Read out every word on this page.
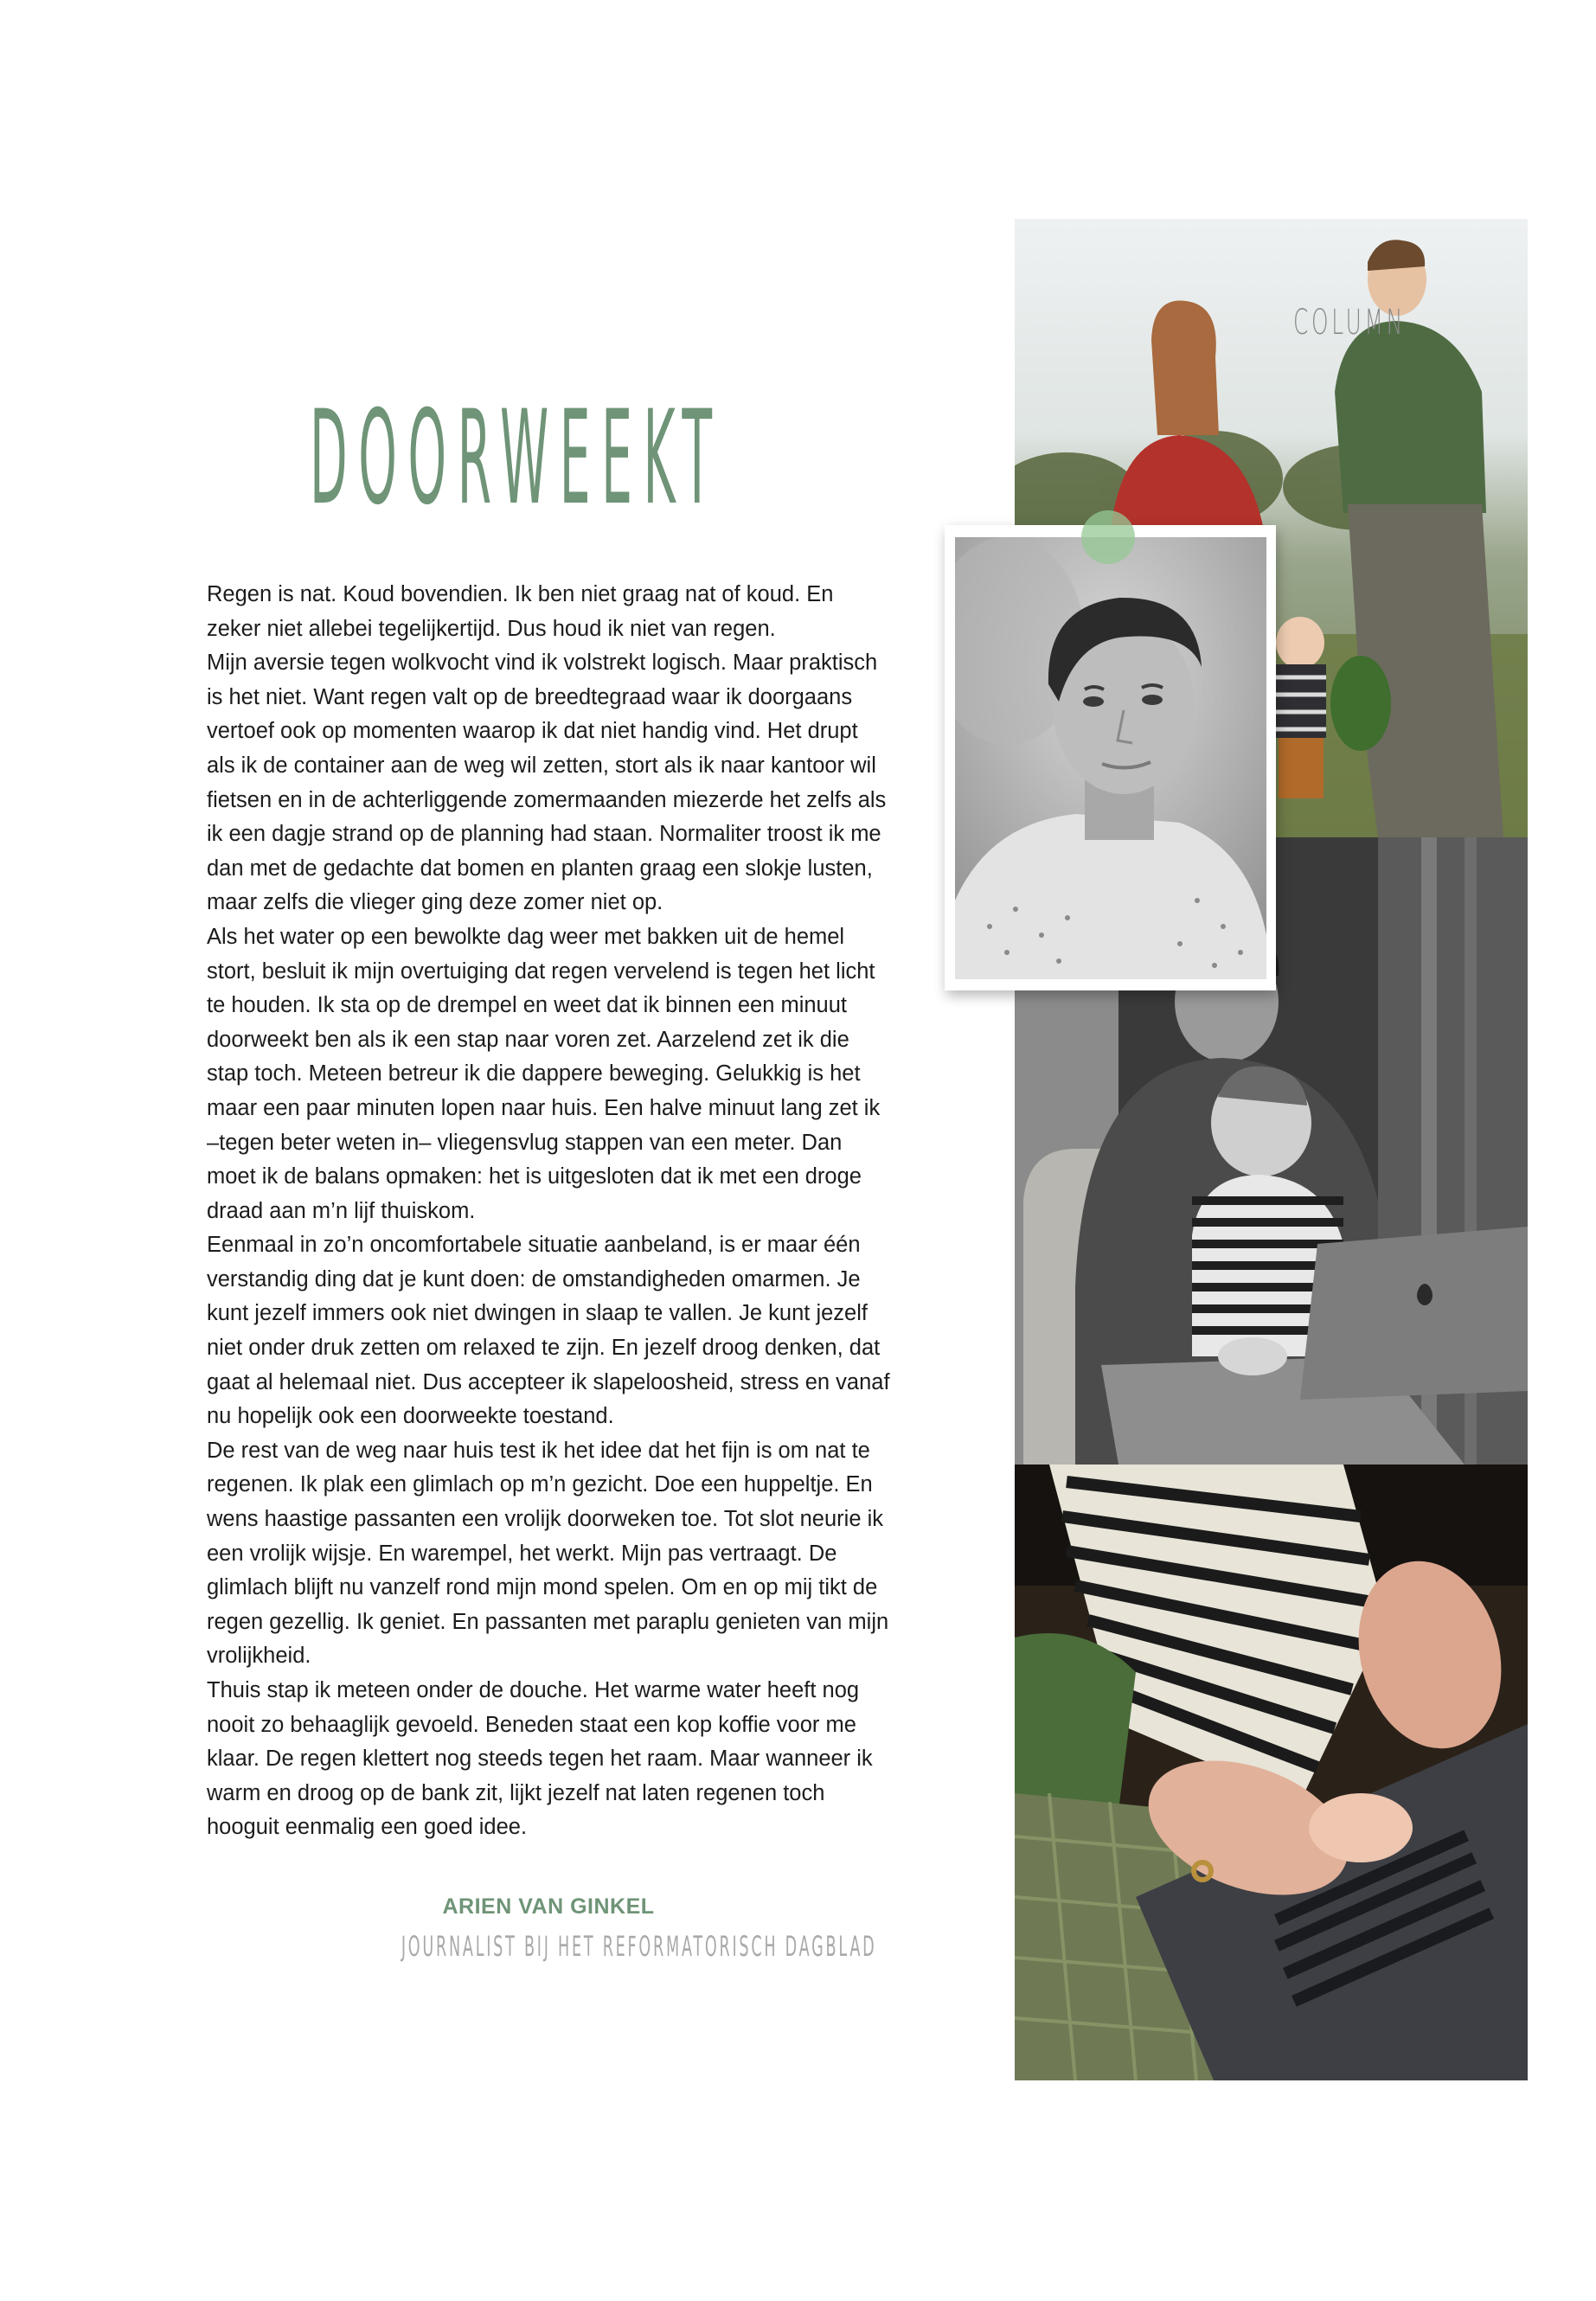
COLUMN
DOORWEEKT

Regen is nat. Koud bovendien. Ik ben niet graag nat of koud. En zeker niet allebei tegelijkertijd. Dus houd ik niet van regen.

Mijn aversie tegen wolkvocht vind ik volstrekt logisch. Maar praktisch is het niet. Want regen valt op de breedtegraad waar ik doorgaans vertoef ook op momenten waarop ik dat niet handig vind. Het drupt als ik de container aan de weg wil zetten, stort als ik naar kantoor wil fietsen en in de achterliggende zomermaanden miezerde het zelfs als ik een dagje strand op de planning had staan. Normaliter troost ik me dan met de gedachte dat bomen en planten graag een slokje lusten, maar zelfs die vlieger ging deze zomer niet op.

Als het water op een bewolkte dag weer met bakken uit de hemel stort, besluit ik mijn overtuiging dat regen vervelend is tegen het licht te houden. Ik sta op de drempel en weet dat ik binnen een minuut doorweekt ben als ik een stap naar voren zet. Aarzelend zet ik die stap toch. Meteen betreur ik die dappere beweging. Gelukkig is het maar een paar minuten lopen naar huis. Een halve minuut lang zet ik –tegen beter weten in– vliegensvlug stappen van een meter. Dan moet ik de balans opmaken: het is uitgesloten dat ik met een droge draad aan m’n lijf thuiskom.

Eenmaal in zo’n oncomfortabele situatie aanbeland, is er maar één verstandig ding dat je kunt doen: de omstandigheden omarmen. Je kunt jezelf immers ook niet dwingen in slaap te vallen. Je kunt jezelf niet onder druk zetten om relaxed te zijn. En jezelf droog denken, dat gaat al helemaal niet. Dus accepteer ik slapeloosheid, stress en vanaf nu hopelijk ook een doorweekte toestand.

De rest van de weg naar huis test ik het idee dat het fijn is om nat te regenen. Ik plak een glimlach op m’n gezicht. Doe een huppeltje. En wens haastige passanten een vrolijk doorweken toe. Tot slot neurie ik een vrolijk wijsje. En warempel, het werkt. Mijn pas vertraagt. De glimlach blijft nu vanzelf rond mijn mond spelen. Om en op mij tikt de regen gezellig. Ik geniet. En passanten met paraplu genieten van mijn vrolijkheid.

Thuis stap ik meteen onder de douche. Het warme water heeft nog nooit zo behaaglijk gevoeld. Beneden staat een kop koffie voor me klaar. De regen klettert nog steeds tegen het raam. Maar wanneer ik warm en droog op de bank zit, lijkt jezelf nat laten regenen toch hooguit eenmalig een goed idee.

ARIEN VAN GINKEL
JOURNALIST BIJ HET REFORMATORISCH DAGBLAD
